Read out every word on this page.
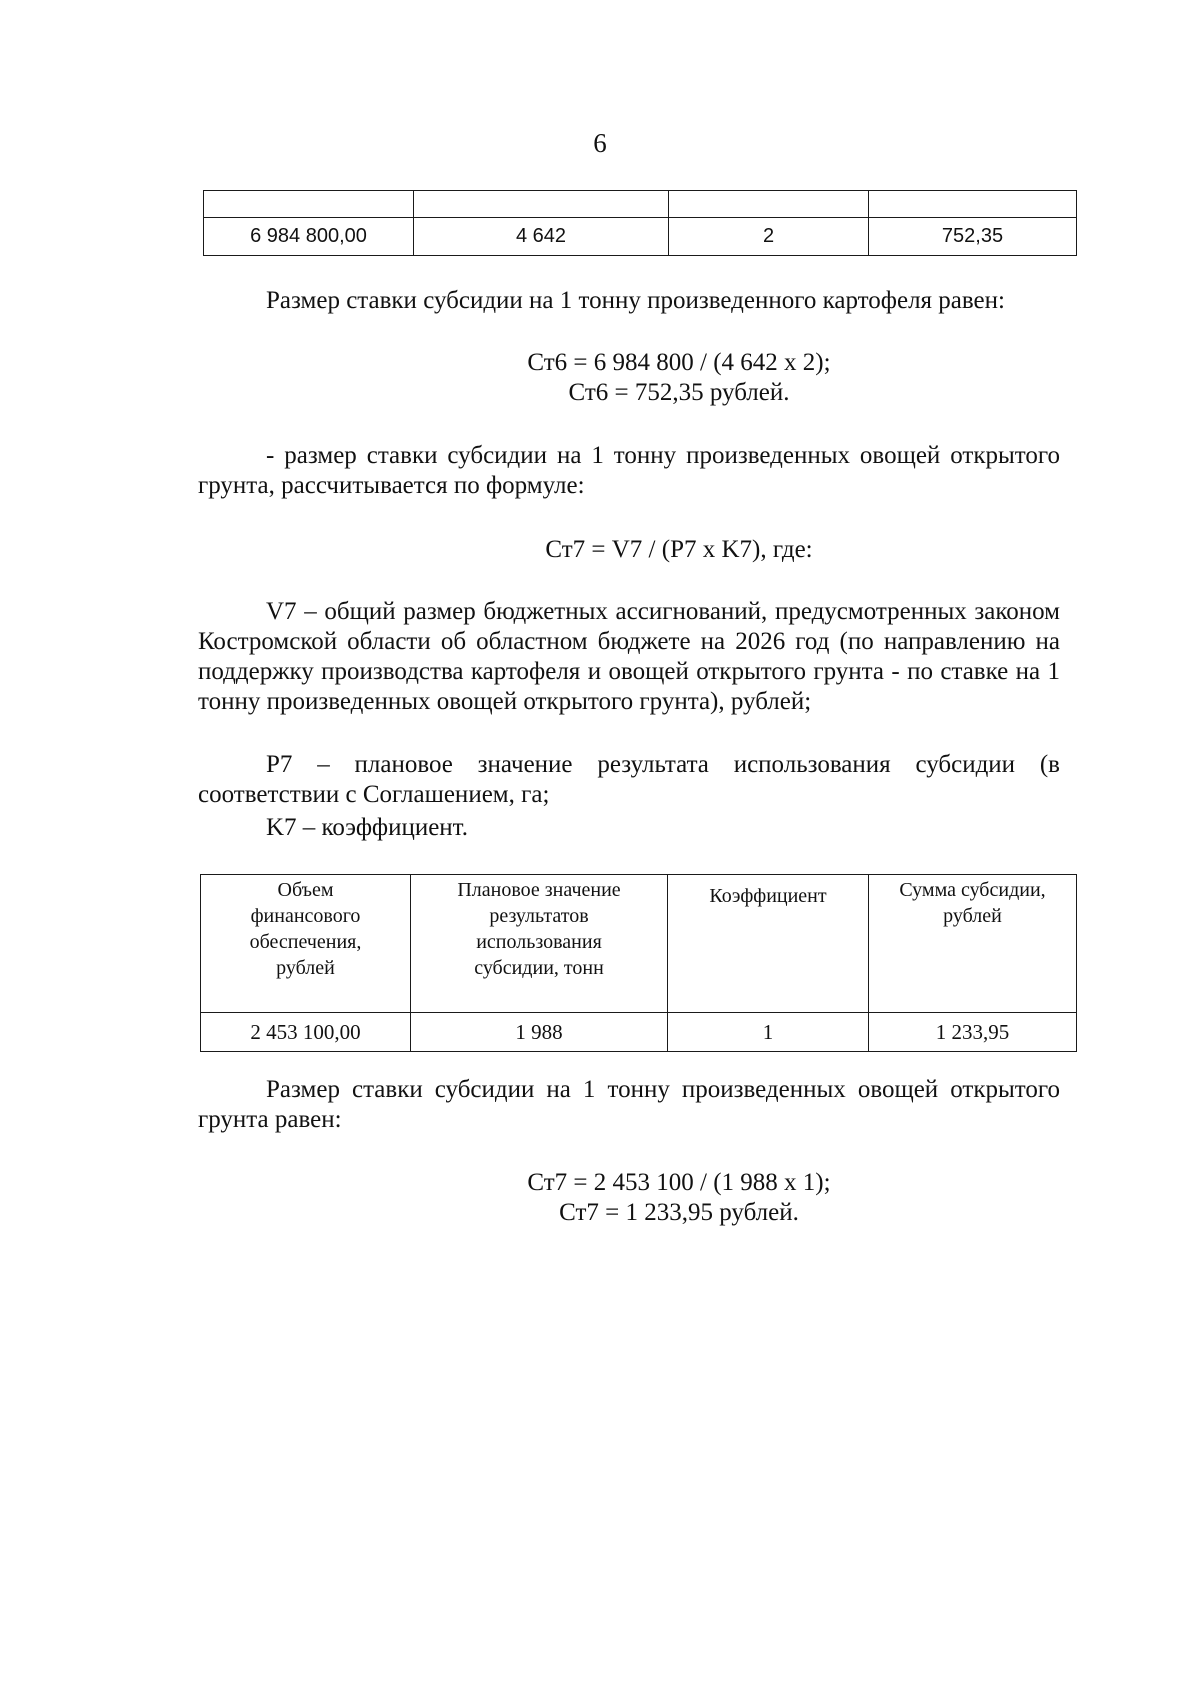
6

6 984 800,00	4 642	2	752,35
Размер ставки субсидии на 1 тонну произведенного картофеля равен:
Ст6 = 6 984 800 / (4 642 х 2);
Ст6 = 752,35 рублей.
- размер ставки субсидии на 1 тонну произведенных овощей открытого грунта, рассчитывается по формуле:
Ст7 = V7 / (P7 х K7), где:
V7 – общий размер бюджетных ассигнований, предусмотренных законом Костромской области об областном бюджете на 2026 год (по направлению на поддержку производства картофеля и овощей открытого грунта - по ставке на 1 тонну произведенных овощей открытого грунта), рублей;
P7 – плановое значение результата использования субсидии (в соответствии с Соглашением, га;
K7 – коэффициент.
Объем финансового обеспечения, рублей	Плановое значение результатов использования субсидии, тонн	Коэффициент	Сумма субсидии, рублей
2 453 100,00	1 988	1	1 233,95
Размер ставки субсидии на 1 тонну произведенных овощей открытого грунта равен:
Ст7 = 2 453 100 / (1 988 х 1);
Ст7 = 1 233,95 рублей.
